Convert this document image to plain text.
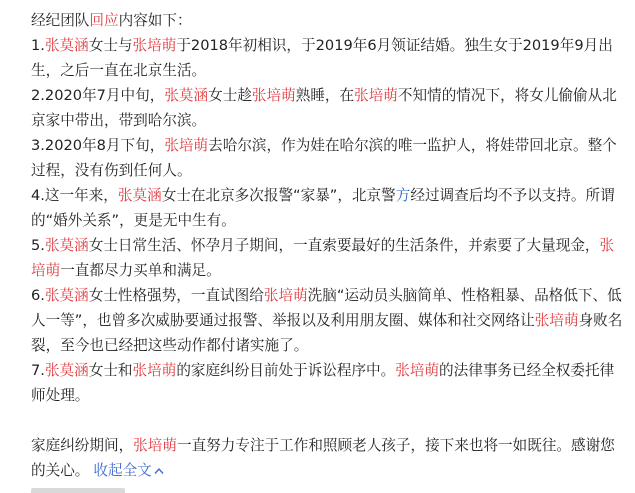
经纪团队回应内容如下：

1.张莫涵女士与张培萌于2018年初相识，于2019年6月领证结婚。独生女于2019年9月出生，之后一直在北京生活。

2.2020年7月中旬，张莫涵女士趁张培萌熟睡，在张培萌不知情的情况下，将女儿偷偷从北京家中带出，带到哈尔滨。

3.2020年8月下旬，张培萌去哈尔滨，作为娃在哈尔滨的唯一监护人，将娃带回北京。整个过程，没有伤到任何人。

4.这一年来，张莫涵女士在北京多次报警“家暴”，北京警方经过调查后均不予以支持。所谓的“婚外关系”，更是无中生有。

5.张莫涵女士日常生活、怀孕月子期间，一直索要最好的生活条件，并索要了大量现金，张培萌一直都尽力买单和满足。

6.张莫涵女士性格强势，一直试图给张培萌洗脑“运动员头脑简单、性格粗暴、品格低下、低人一等”，也曾多次威胁要通过报警、举报以及利用朋友圈、媒体和社交网络让张培萌身败名裂，至今也已经把这些动作都付诸实施了。

7.张莫涵女士和张培萌的家庭纠纷目前处于诉讼程序中。张培萌的法律事务已经全权委托律师处理。

家庭纠纷期间，张培萌一直努力专注于工作和照顾老人孩子，接下来也将一如既往。感谢您的关心。 收起全文
